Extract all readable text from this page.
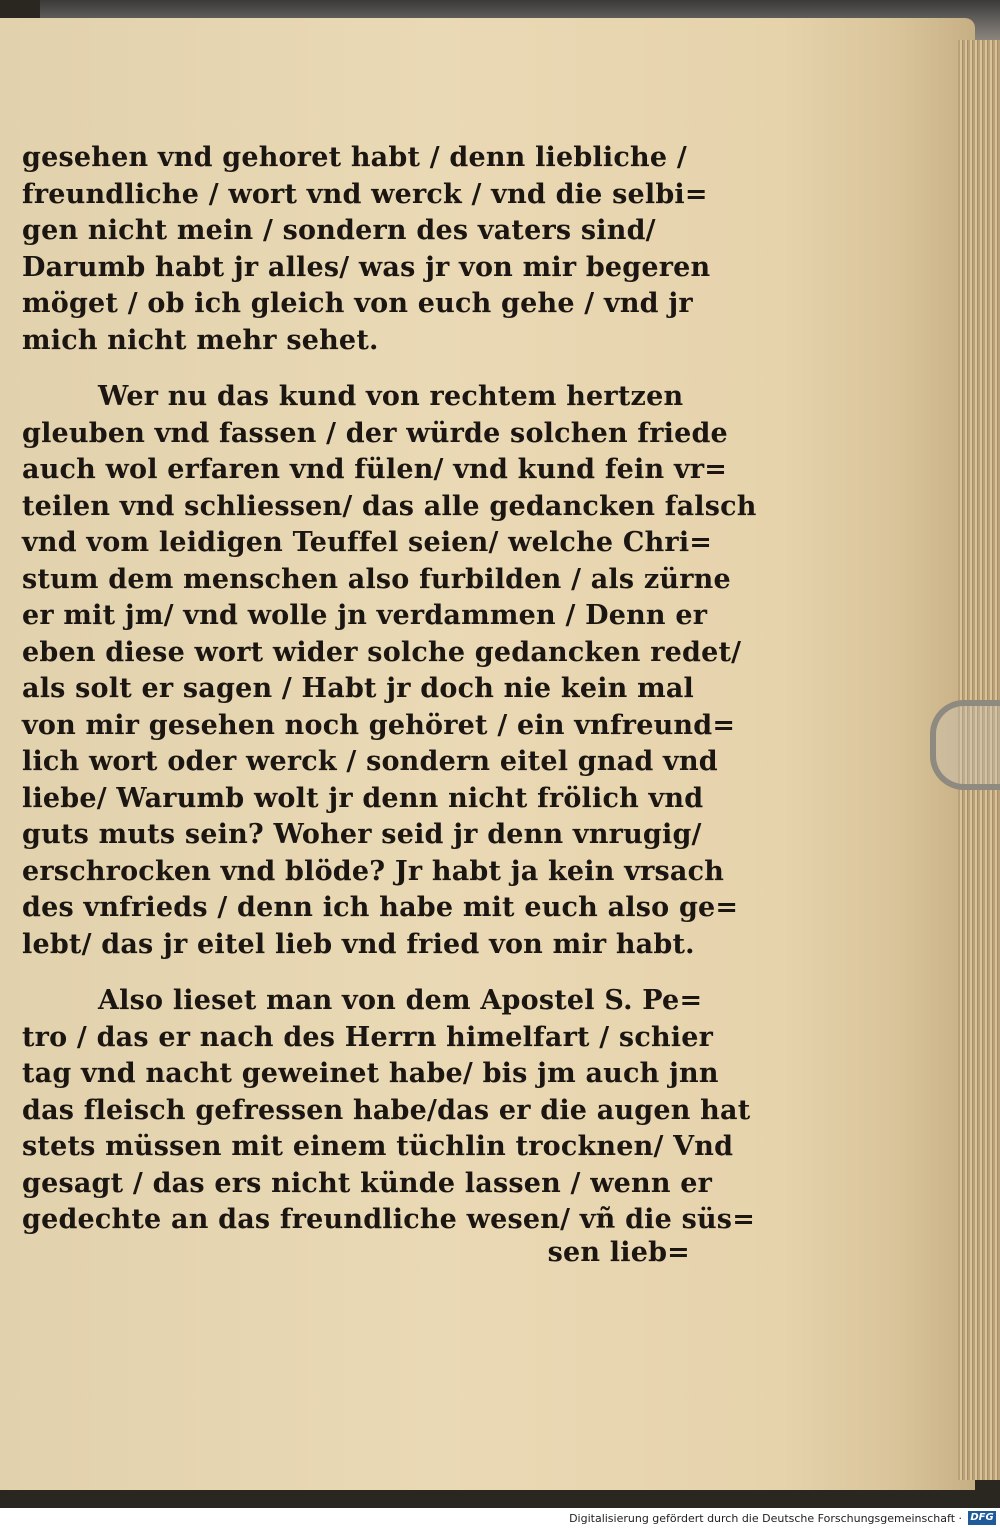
gesehen vnd gehoret habt / denn liebliche /
freundliche / wort vnd werck / vnd die selbi=
gen nicht mein / sondern des vaters sind/
Darumb habt jr alles/ was jr von mir begeren
möget / ob ich gleich von euch gehe / vnd jr
mich nicht mehr sehet.

Wer nu das kund von rechtem hertzen
gleuben vnd fassen / der würde solchen friede
auch wol erfaren vnd fülen/ vnd kund fein vr=
teilen vnd schliessen/ das alle gedancken falsch
vnd vom leidigen Teuffel seien/ welche Chri=
stum dem menschen also furbilden / als zürne
er mit jm/ vnd wolle jn verdammen / Denn er
eben diese wort wider solche gedancken redet/
als solt er sagen / Habt jr doch nie kein mal
von mir gesehen noch gehöret / ein vnfreund=
lich wort oder werck / sondern eitel gnad vnd
liebe/ Warumb wolt jr denn nicht frölich vnd
guts muts sein? Woher seid jr denn vnrugig/
erschrocken vnd blöde? Jr habt ja kein vrsach
des vnfrieds / denn ich habe mit euch also ge=
lebt/ das jr eitel lieb vnd fried von mir habt.

Also lieset man von dem Apostel S. Pe=
tro / das er nach des Herrn himelfart / schier
tag vnd nacht geweinet habe/ bis jm auch jnn
das fleisch gefressen habe/das er die augen hat
stets müssen mit einem tüchlin trocknen/ Vnd
gesagt / das ers nicht künde lassen / wenn er
gedechte an das freundliche wesen/ vñ die süs=
sen lieb=

Digitalisierung gefördert durch die Deutsche Forschungsgemeinschaft · DFG
